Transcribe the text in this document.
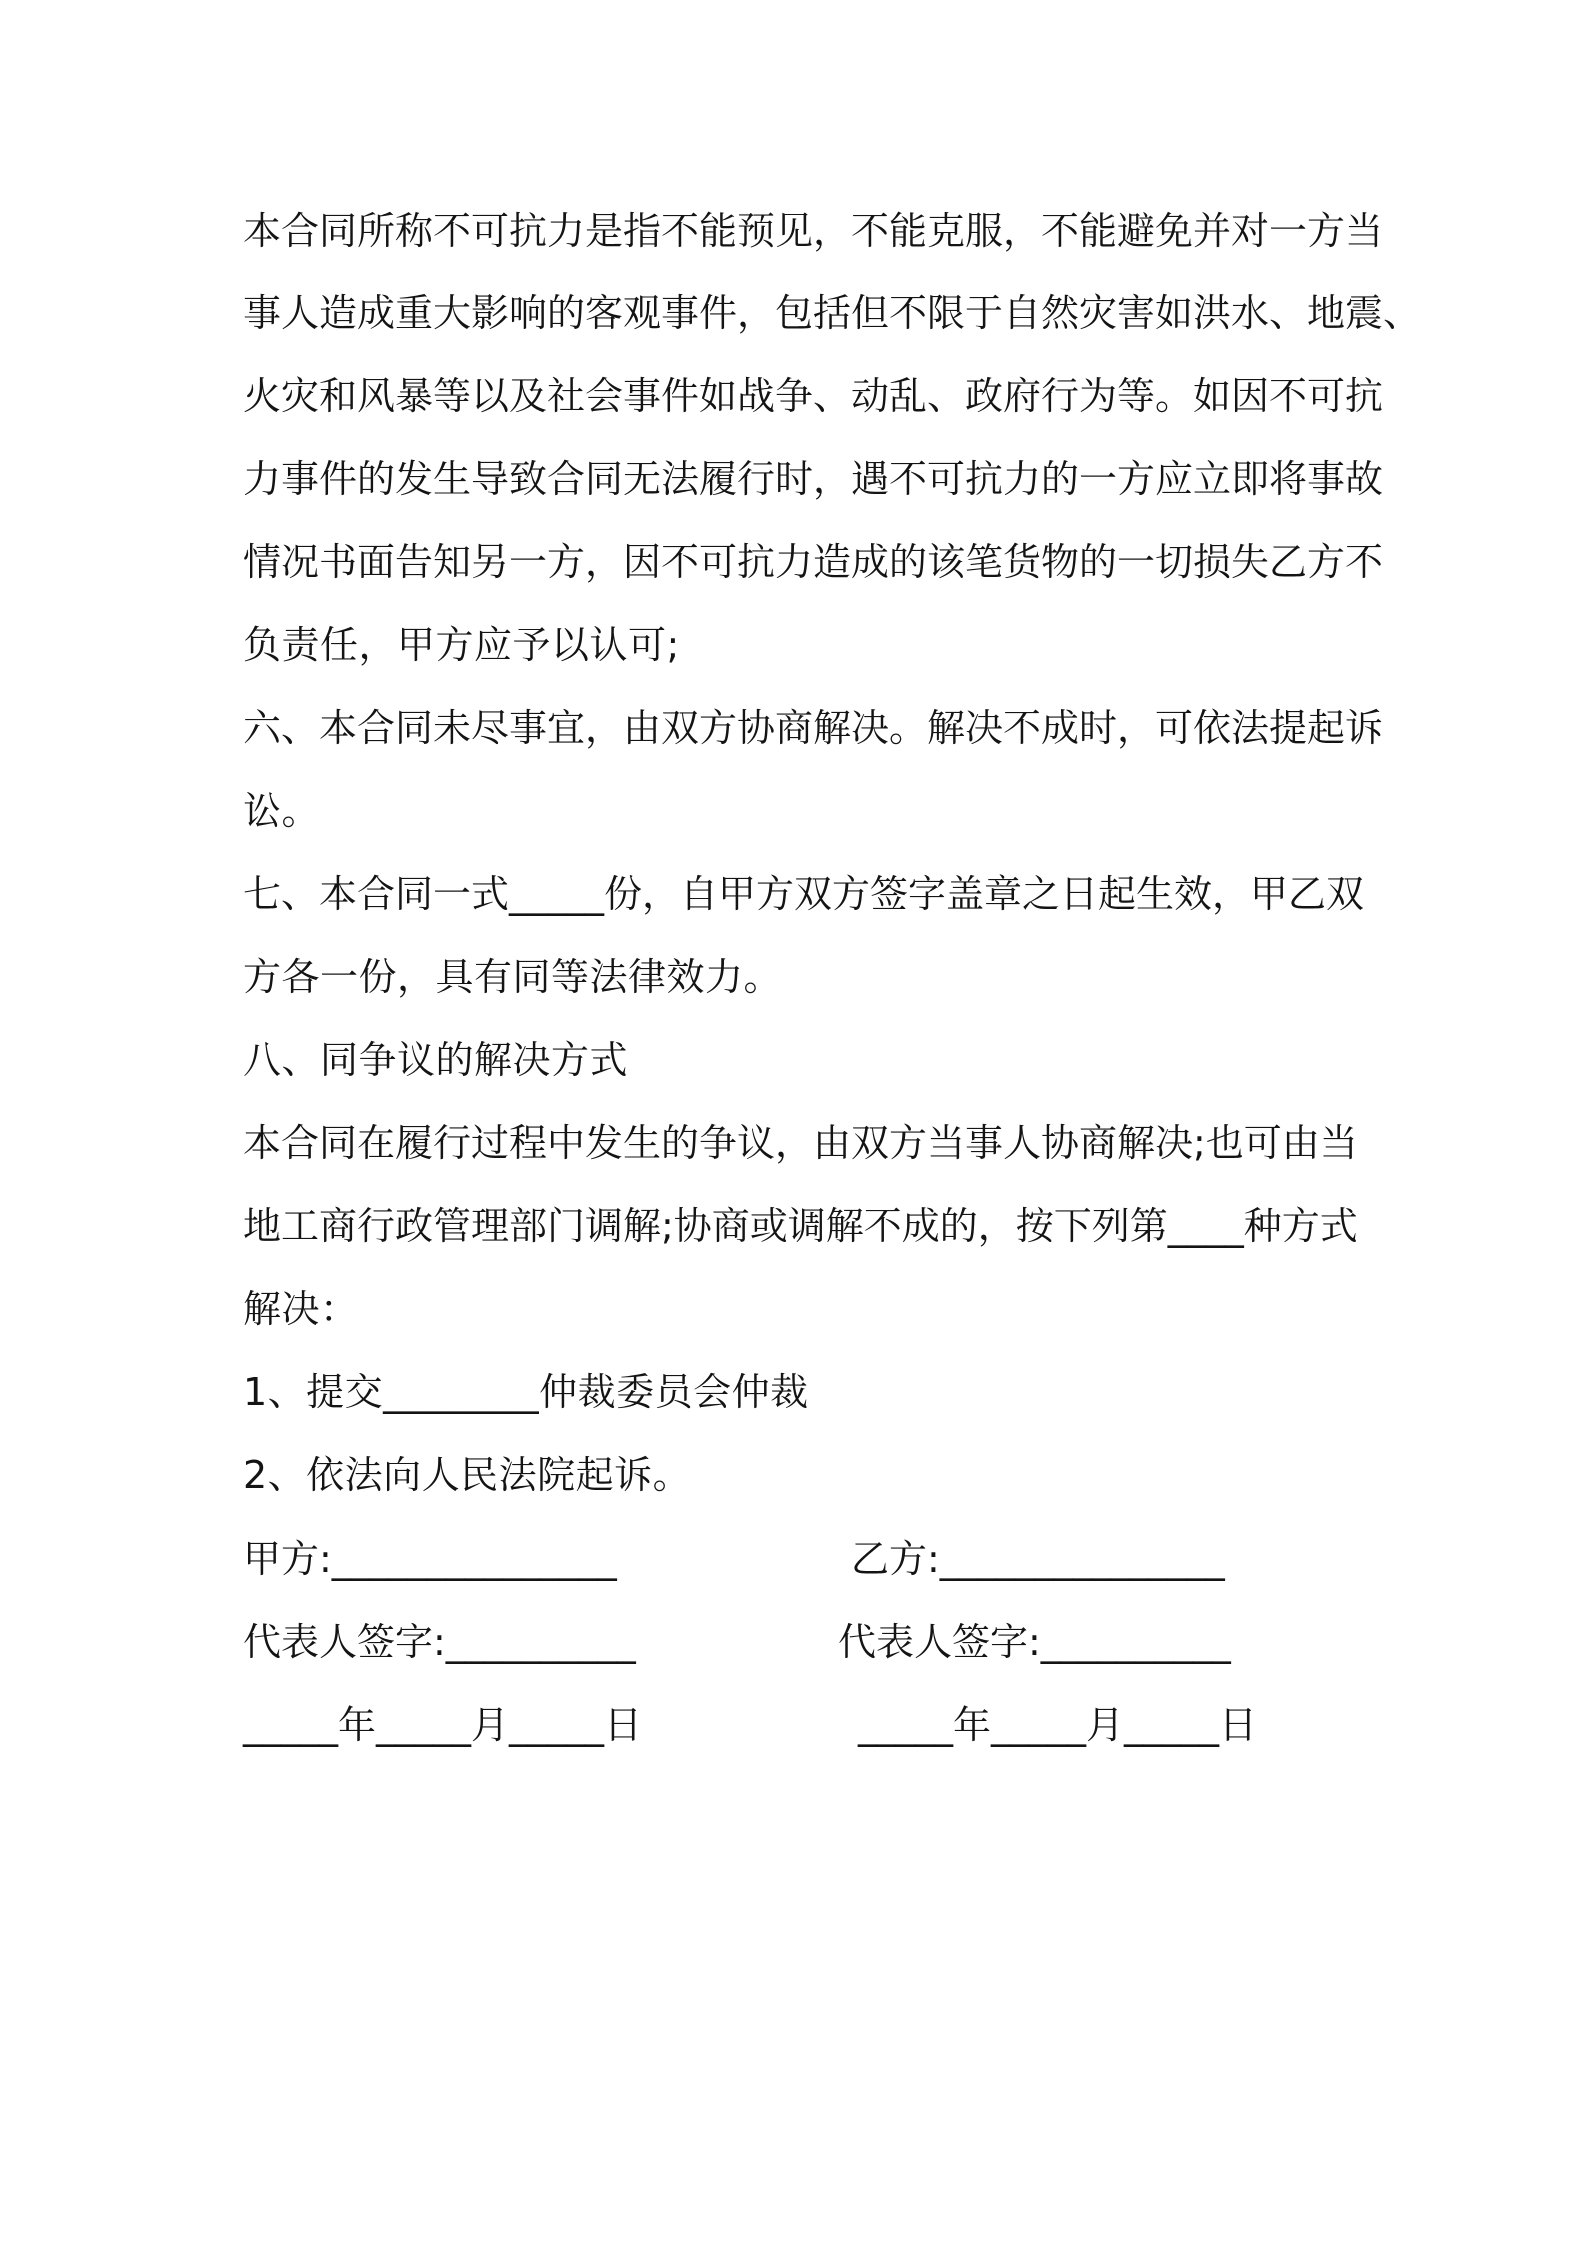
本合同所称不可抗力是指不能预见，不能克服，不能避免并对一方当
事人造成重大影响的客观事件，包括但不限于自然灾害如洪水、地震、
火灾和风暴等以及社会事件如战争、动乱、政府行为等。如因不可抗
力事件的发生导致合同无法履行时，遇不可抗力的一方应立即将事故
情况书面告知另一方，因不可抗力造成的该笔货物的一切损失乙方不
负责任，甲方应予以认可;
六、本合同未尽事宜，由双方协商解决。解决不成时，可依法提起诉
讼。
七、本合同一式_____份，自甲方双方签字盖章之日起生效，甲乙双
方各一份，具有同等法律效力。
八、同争议的解决方式
本合同在履行过程中发生的争议，由双方当事人协商解决;也可由当
地工商行政管理部门调解;协商或调解不成的，按下列第____种方式
解决：
1、提交________仲裁委员会仲裁
2、依法向人民法院起诉。
甲方:_______________	乙方:_______________
代表人签字:__________	代表人签字:__________
_____年_____月_____日	_____年_____月_____日
